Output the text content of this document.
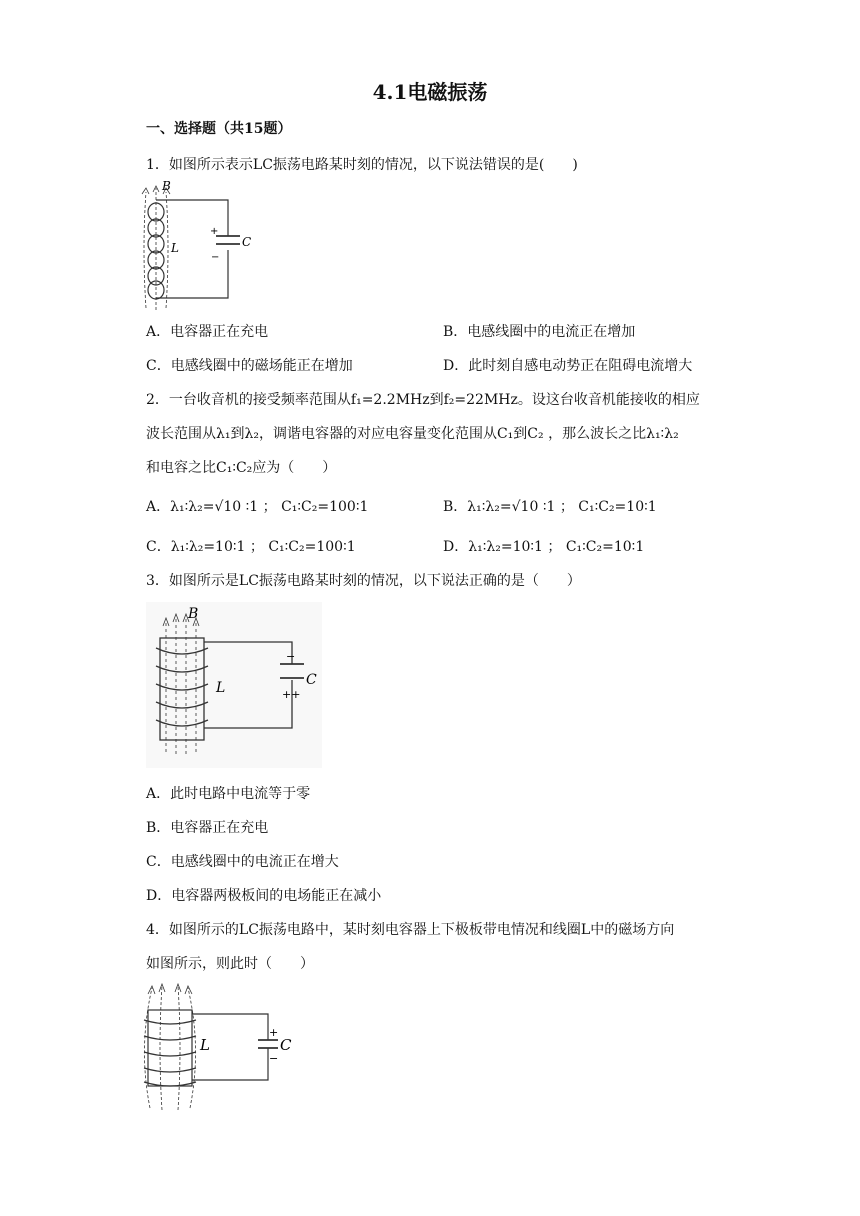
4.1电磁振荡
一、选择题（共15题）
1．如图所示表示LC振荡电路某时刻的情况，以下说法错误的是(　　)
B
L	C
+
−
A．电容器正在充电	B．电感线圈中的电流正在增加
C．电感线圈中的磁场能正在增加	D．此时刻自感电动势正在阻碍电流增大
2．一台收音机的接受频率范围从f₁=2.2MHz到f₂=22MHz。设这台收音机能接收的相应
波长范围从λ₁到λ₂，调谐电容器的对应电容量变化范围从C₁到C₂ ，那么波长之比λ₁∶λ₂
和电容之比C₁∶C₂应为（　　）
A．λ₁∶λ₂=√10 ∶1 ； C₁∶C₂=100∶1	B．λ₁∶λ₂=√10 ∶1 ； C₁∶C₂=10∶1
C．λ₁∶λ₂=10∶1 ； C₁∶C₂=100∶1	D．λ₁∶λ₂=10∶1 ； C₁∶C₂=10∶1
3．如图所示是LC振荡电路某时刻的情况，以下说法正确的是（　　）
B
L	C
++
−
A．此时电路中电流等于零
B．电容器正在充电
C．电感线圈中的电流正在增大
D．电容器两极板间的电场能正在减小
4．如图所示的LC振荡电路中，某时刻电容器上下极板带电情况和线圈L中的磁场方向
如图所示，则此时（　　）
L	C
+
−
